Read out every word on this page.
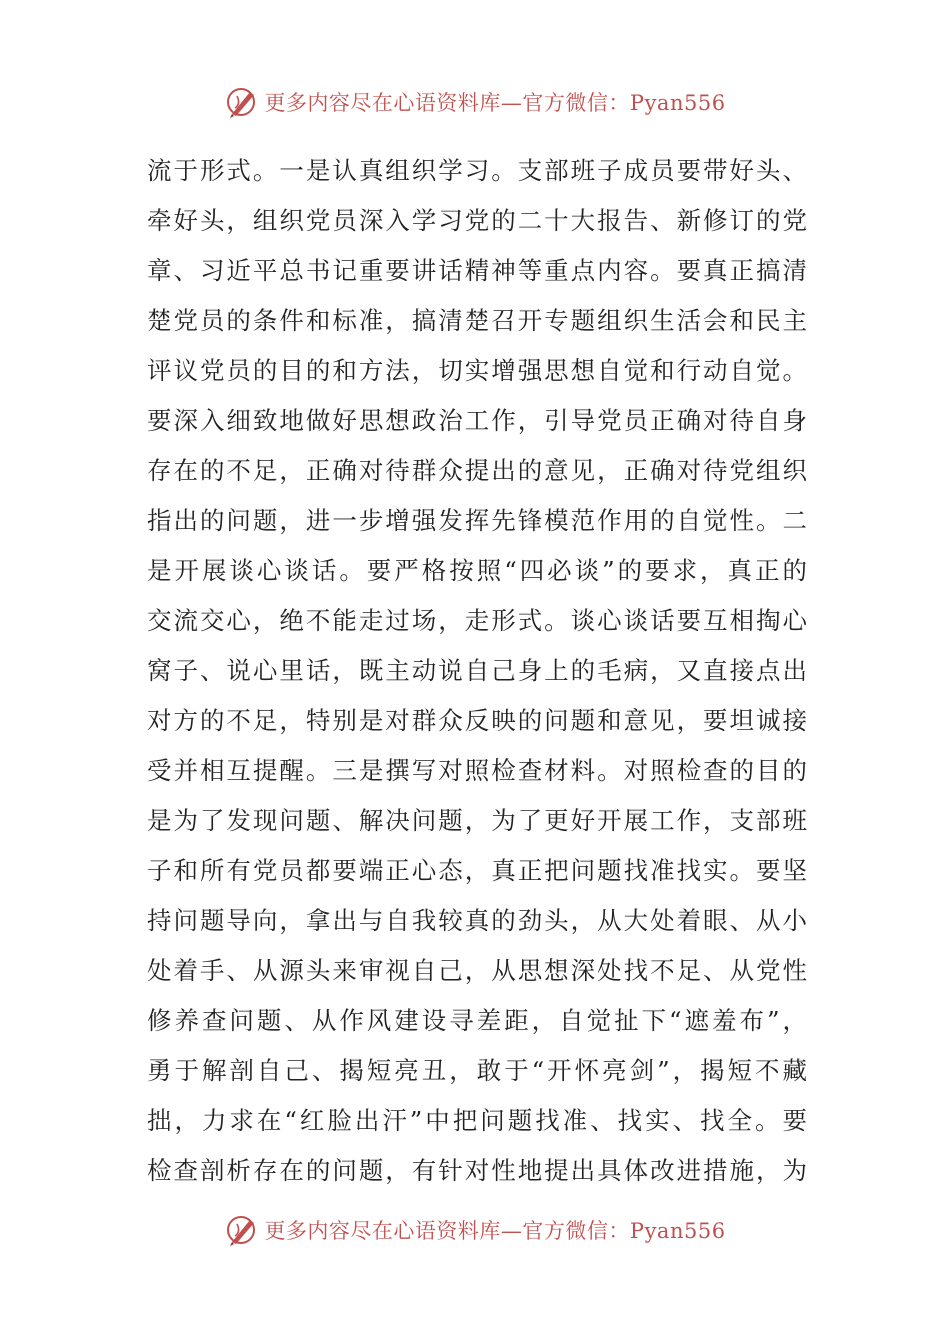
更多内容尽在心语资料库—官方微信：Pyan556
流于形式。一是认真组织学习。支部班子成员要带好头、
牵好头，组织党员深入学习党的二十大报告、新修订的党
章、习近平总书记重要讲话精神等重点内容。要真正搞清
楚党员的条件和标准，搞清楚召开专题组织生活会和民主
评议党员的目的和方法，切实增强思想自觉和行动自觉。
要深入细致地做好思想政治工作，引导党员正确对待自身
存在的不足，正确对待群众提出的意见，正确对待党组织
指出的问题，进一步增强发挥先锋模范作用的自觉性。二
是开展谈心谈话。要严格按照“四必谈”的要求，真正的
交流交心，绝不能走过场，走形式。谈心谈话要互相掏心
窝子、说心里话，既主动说自己身上的毛病，又直接点出
对方的不足，特别是对群众反映的问题和意见，要坦诚接
受并相互提醒。三是撰写对照检查材料。对照检查的目的
是为了发现问题、解决问题，为了更好开展工作，支部班
子和所有党员都要端正心态，真正把问题找准找实。要坚
持问题导向，拿出与自我较真的劲头，从大处着眼、从小
处着手、从源头来审视自己，从思想深处找不足、从党性
修养查问题、从作风建设寻差距，自觉扯下“遮羞布”，
勇于解剖自己、揭短亮丑，敢于“开怀亮剑”，揭短不藏
拙，力求在“红脸出汗”中把问题找准、找实、找全。要
检查剖析存在的问题，有针对性地提出具体改进措施，为
更多内容尽在心语资料库—官方微信：Pyan556
